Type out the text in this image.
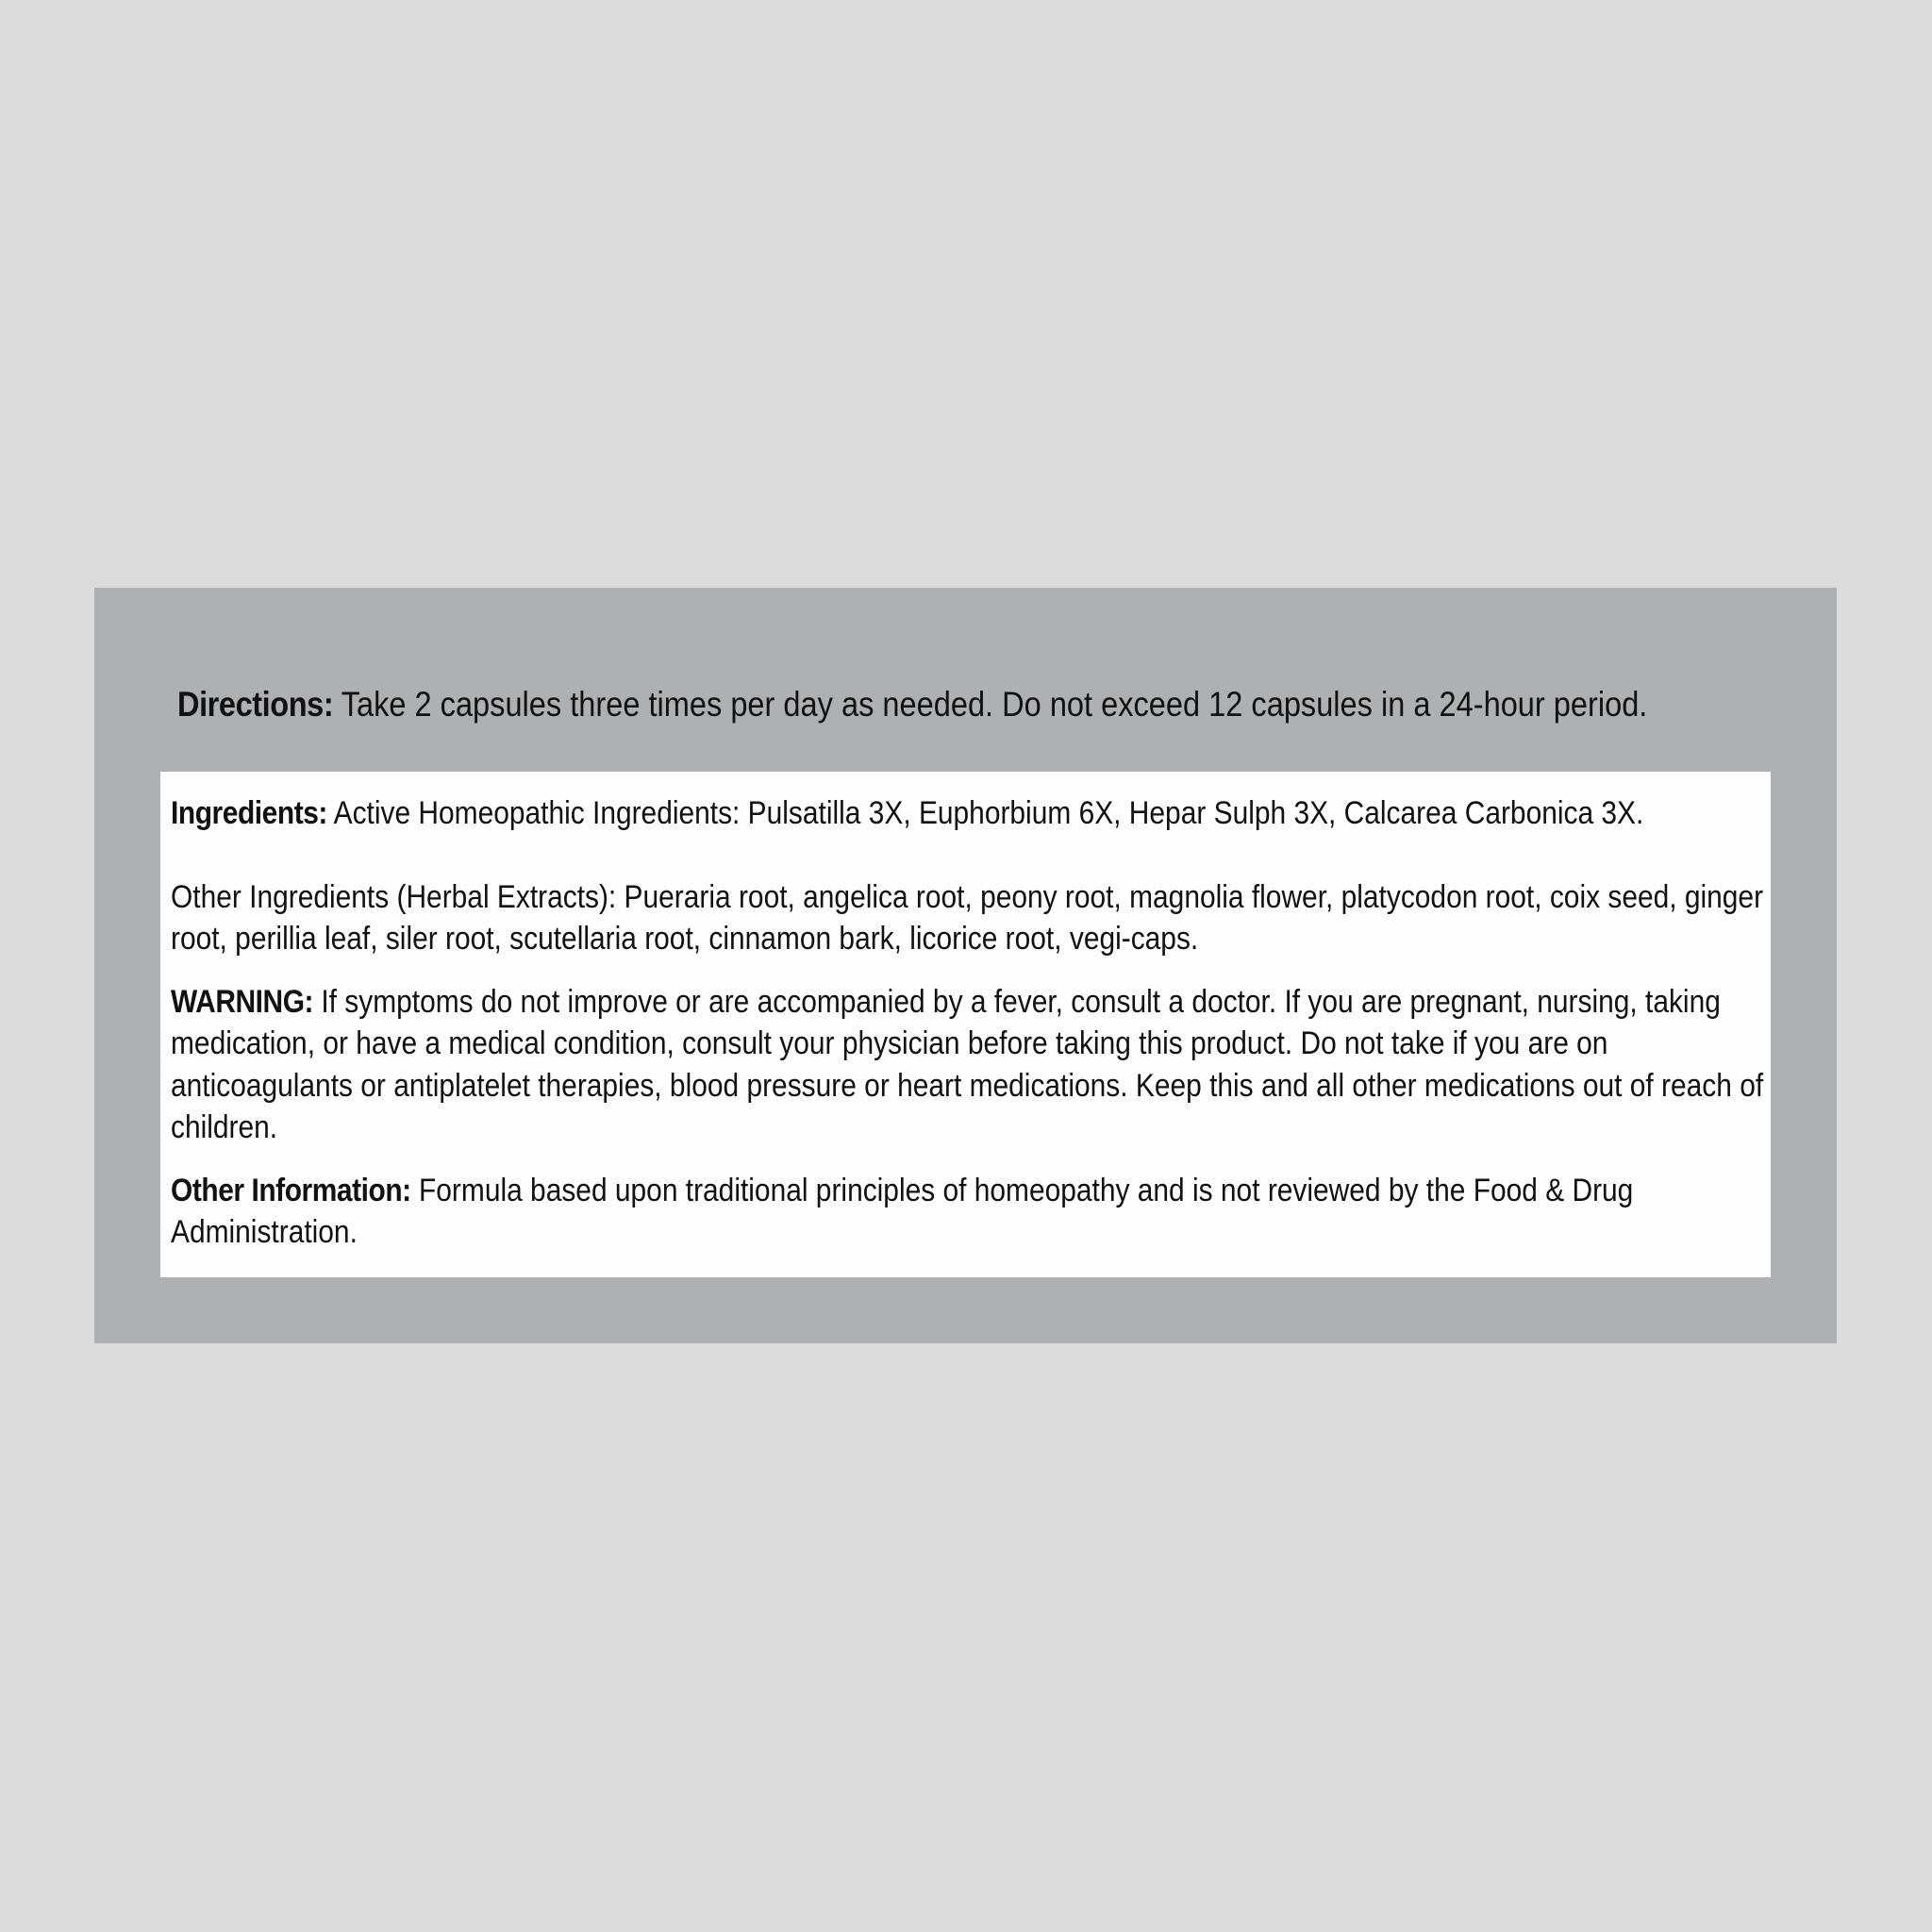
Directions: Take 2 capsules three times per day as needed. Do not exceed 12 capsules in a 24-hour period.

Ingredients: Active Homeopathic Ingredients: Pulsatilla 3X, Euphorbium 6X, Hepar Sulph 3X, Calcarea Carbonica 3X.

Other Ingredients (Herbal Extracts): Pueraria root, angelica root, peony root, magnolia flower, platycodon root, coix seed, ginger root, perillia leaf, siler root, scutellaria root, cinnamon bark, licorice root, vegi-caps.

WARNING: If symptoms do not improve or are accompanied by a fever, consult a doctor. If you are pregnant, nursing, taking medication, or have a medical condition, consult your physician before taking this product. Do not take if you are on anticoagulants or antiplatelet therapies, blood pressure or heart medications. Keep this and all other medications out of reach of children.

Other Information: Formula based upon traditional principles of homeopathy and is not reviewed by the Food & Drug Administration.
